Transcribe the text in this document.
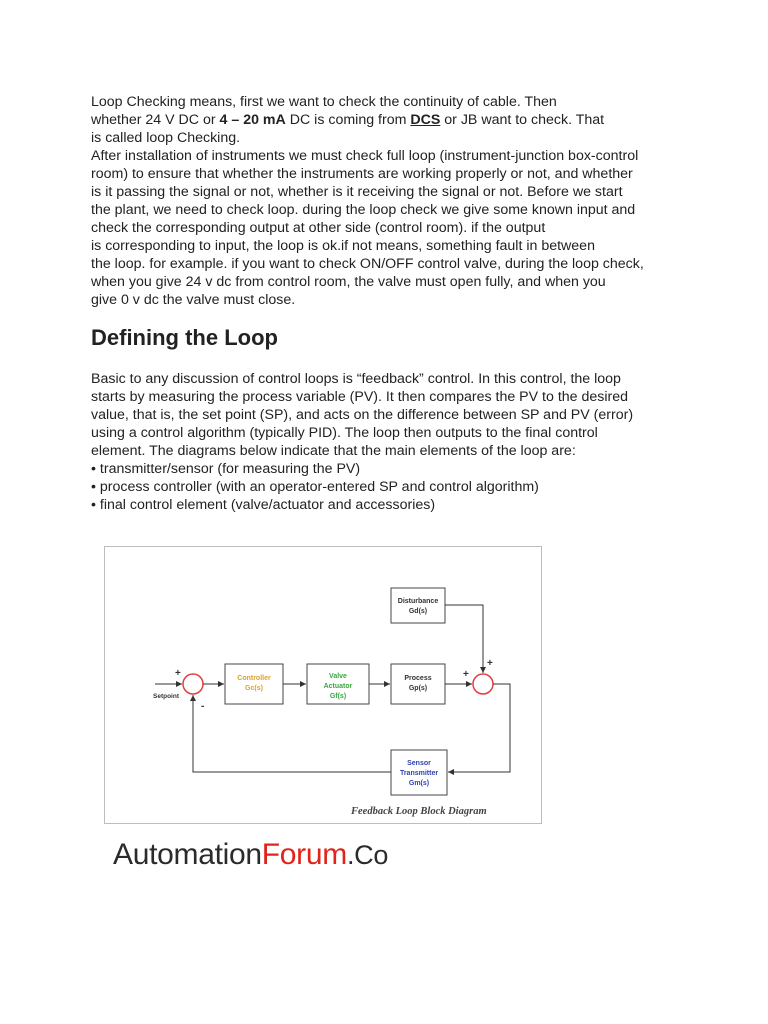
Loop Checking means, first we want to check the continuity of cable. Then
whether 24 V DC or 4 – 20 mA DC is coming from DCS or JB want to check. That
is called loop Checking.
After installation of instruments we must check full loop (instrument-junction box-control
room) to ensure that whether the instruments are working properly or not, and whether
is it passing the signal or not, whether is it receiving the signal or not. Before we start
the plant, we need to check loop. during the loop check we give some known input and
check the corresponding output at other side (control room). if the output
is corresponding to input, the loop is ok.if not means, something fault in between
the loop. for example. if you want to check ON/OFF control valve, during the loop check,
when you give 24 v dc from control room, the valve must open fully, and when you
give 0 v dc the valve must close.
Defining the Loop
Basic to any discussion of control loops is “feedback” control. In this control, the loop
starts by measuring the process variable (PV). It then compares the PV to the desired
value, that is, the set point (SP), and acts on the difference between SP and PV (error)
using a control algorithm (typically PID). The loop then outputs to the final control
element. The diagrams below indicate that the main elements of the loop are:
• transmitter/sensor (for measuring the PV)
• process controller (with an operator-entered SP and control algorithm)
• final control element (valve/actuator and accessories)
Disturbance
Gd(s)
Controller
Gc(s)
Valve
Actuator
Gf(s)
Process
Gp(s)
Sensor
Transmitter
Gm(s)
+
-
+
+
Setpoint
Feedback Loop Block Diagram
AutomationForum.Co
